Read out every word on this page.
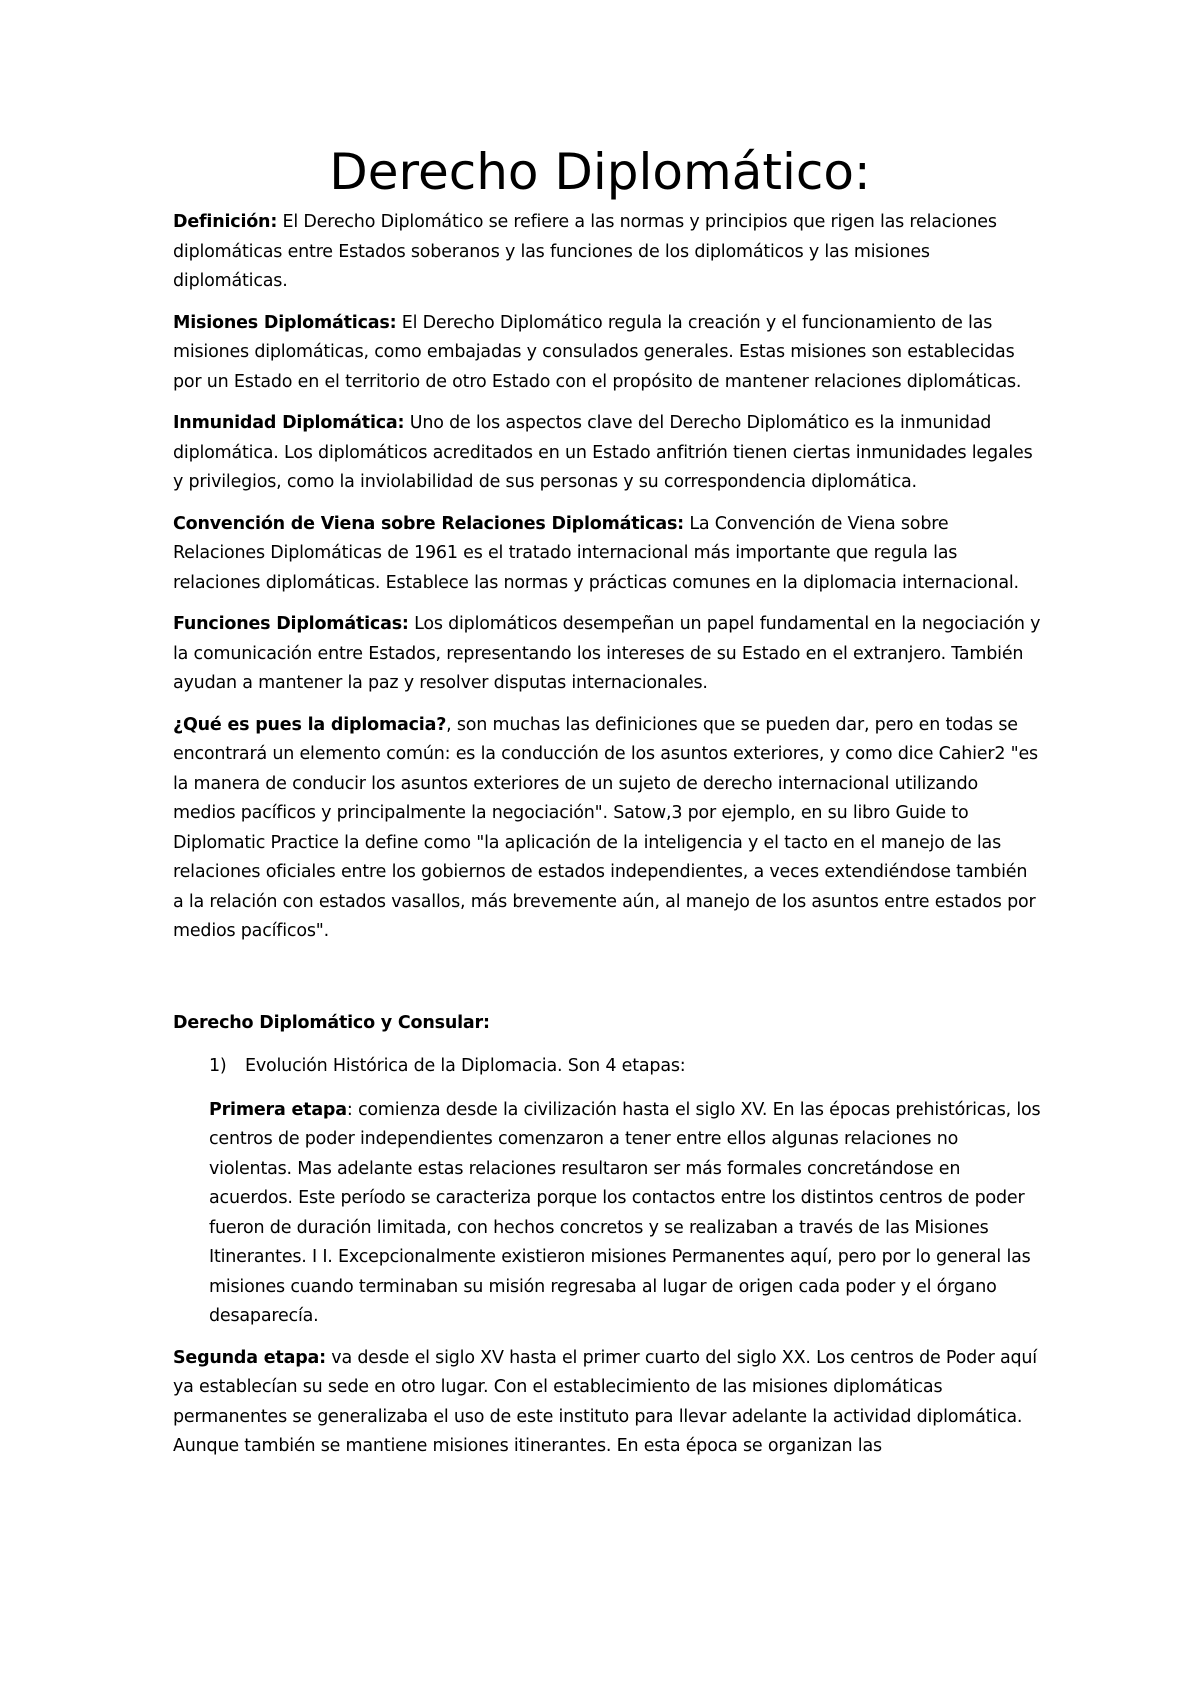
Derecho Diplomático:

Definición: El Derecho Diplomático se refiere a las normas y principios que rigen las relaciones diplomáticas entre Estados soberanos y las funciones de los diplomáticos y las misiones diplomáticas.

Misiones Diplomáticas: El Derecho Diplomático regula la creación y el funcionamiento de las misiones diplomáticas, como embajadas y consulados generales. Estas misiones son establecidas por un Estado en el territorio de otro Estado con el propósito de mantener relaciones diplomáticas.

Inmunidad Diplomática: Uno de los aspectos clave del Derecho Diplomático es la inmunidad diplomática. Los diplomáticos acreditados en un Estado anfitrión tienen ciertas inmunidades legales y privilegios, como la inviolabilidad de sus personas y su correspondencia diplomática.

Convención de Viena sobre Relaciones Diplomáticas: La Convención de Viena sobre Relaciones Diplomáticas de 1961 es el tratado internacional más importante que regula las relaciones diplomáticas. Establece las normas y prácticas comunes en la diplomacia internacional.

Funciones Diplomáticas: Los diplomáticos desempeñan un papel fundamental en la negociación y la comunicación entre Estados, representando los intereses de su Estado en el extranjero. También ayudan a mantener la paz y resolver disputas internacionales.

¿Qué es pues la diplomacia?, son muchas las definiciones que se pueden dar, pero en todas se encontrará un elemento común: es la conducción de los asuntos exteriores, y como dice Cahier2 "es la manera de conducir los asuntos exteriores de un sujeto de derecho internacional utilizando medios pacíficos y principalmente la negociación". Satow,3 por ejemplo, en su libro Guide to Diplomatic Practice la define como "la aplicación de la inteligencia y el tacto en el manejo de las relaciones oficiales entre los gobiernos de estados independientes, a veces extendiéndose también a la relación con estados vasallos, más brevemente aún, al manejo de los asuntos entre estados por medios pacíficos".

Derecho Diplomático y Consular:

1) Evolución Histórica de la Diplomacia. Son 4 etapas:

Primera etapa: comienza desde la civilización hasta el siglo XV. En las épocas prehistóricas, los centros de poder independientes comenzaron a tener entre ellos algunas relaciones no violentas. Mas adelante estas relaciones resultaron ser más formales concretándose en acuerdos. Este período se caracteriza porque los contactos entre los distintos centros de poder fueron de duración limitada, con hechos concretos y se realizaban a través de las Misiones Itinerantes. I I. Excepcionalmente existieron misiones Permanentes aquí, pero por lo general las misiones cuando terminaban su misión regresaba al lugar de origen cada poder y el órgano desaparecía.

Segunda etapa: va desde el siglo XV hasta el primer cuarto del siglo XX. Los centros de Poder aquí ya establecían su sede en otro lugar. Con el establecimiento de las misiones diplomáticas permanentes se generalizaba el uso de este instituto para llevar adelante la actividad diplomática. Aunque también se mantiene misiones itinerantes. En esta época se organizan las
